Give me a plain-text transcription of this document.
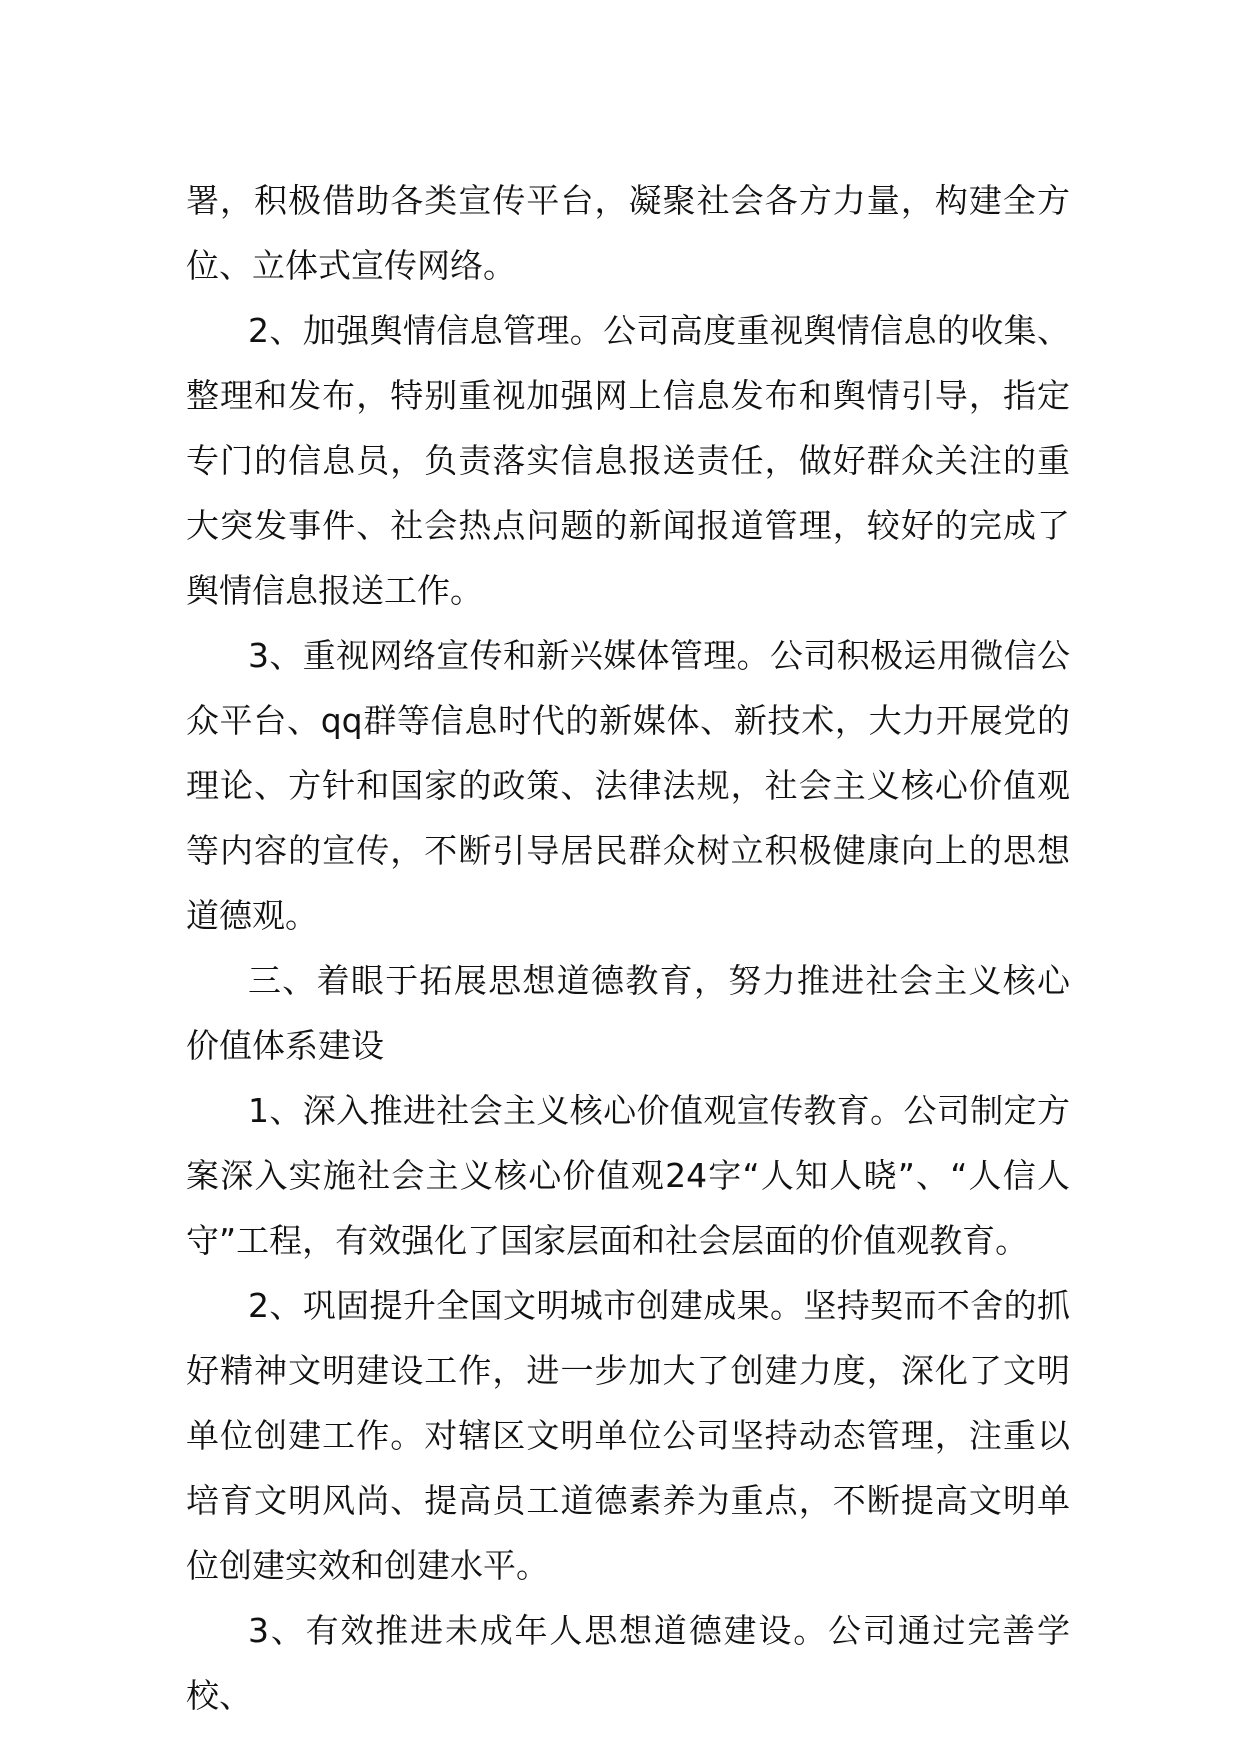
署，积极借助各类宣传平台，凝聚社会各方力量，构建全方位、立体式宣传网络。

2、加强舆情信息管理。公司高度重视舆情信息的收集、整理和发布，特别重视加强网上信息发布和舆情引导，指定专门的信息员，负责落实信息报送责任，做好群众关注的重大突发事件、社会热点问题的新闻报道管理，较好的完成了舆情信息报送工作。

3、重视网络宣传和新兴媒体管理。公司积极运用微信公众平台、qq群等信息时代的新媒体、新技术，大力开展党的理论、方针和国家的政策、法律法规，社会主义核心价值观等内容的宣传，不断引导居民群众树立积极健康向上的思想道德观。

三、着眼于拓展思想道德教育，努力推进社会主义核心价值体系建设

1、深入推进社会主义核心价值观宣传教育。公司制定方案深入实施社会主义核心价值观24字“人知人晓”、“人信人守”工程，有效强化了国家层面和社会层面的价值观教育。

2、巩固提升全国文明城市创建成果。坚持契而不舍的抓好精神文明建设工作，进一步加大了创建力度，深化了文明单位创建工作。对辖区文明单位公司坚持动态管理，注重以培育文明风尚、提高员工道德素养为重点，不断提高文明单位创建实效和创建水平。

3、有效推进未成年人思想道德建设。公司通过完善学校、
